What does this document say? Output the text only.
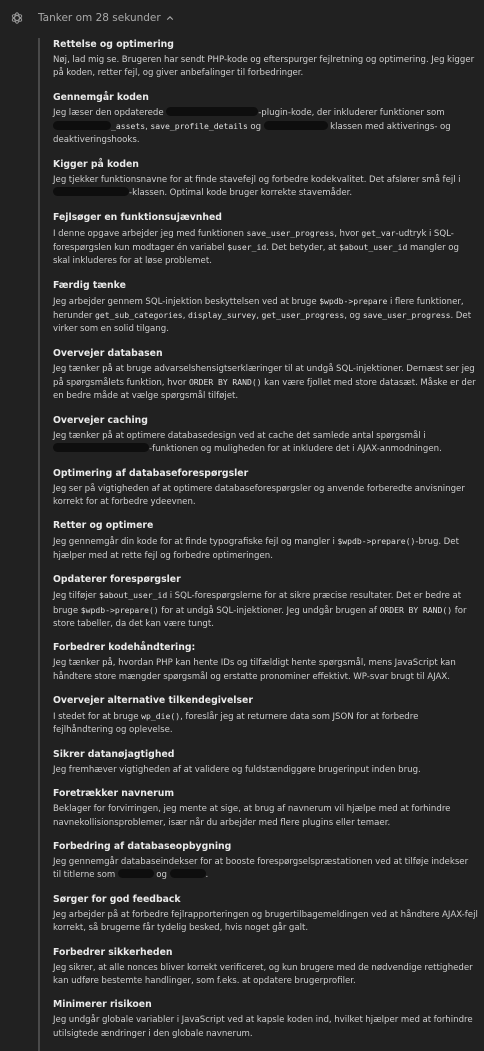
Tanker om 28 sekunder
Rettelse og optimering
Nøj, lad mig se. Brugeren har sendt PHP-kode og efterspurger fejlretning og optimering. Jeg kigger på koden, retter fejl, og giver anbefalinger til forbedringer.
Gennemgår koden
Jeg læser den opdaterede	-plugin-kode, der inkluderer funktioner som _assets, save_profile_details og	klassen med aktiverings- og deaktiveringshooks.
Kigger på koden
Jeg tjekker funktionsnavne for at finde stavefejl og forbedre kodekvalitet. Det afslører små fejl i -klassen. Optimal kode bruger korrekte stavemåder.
Fejlsøger en funktionsujævnhed
I denne opgave arbejder jeg med funktionen save_user_progress, hvor get_var-udtryk i SQL-forespørgslen kun modtager én variabel $user_id. Det betyder, at $about_user_id mangler og skal inkluderes for at løse problemet.
Færdig tænke
Jeg arbejder gennem SQL-injektion beskyttelsen ved at bruge $wpdb->prepare i flere funktioner, herunder get_sub_categories, display_survey, get_user_progress, og save_user_progress. Det virker som en solid tilgang.
Overvejer databasen
Jeg tænker på at bruge advarselshensigtserklæringer til at undgå SQL-injektioner. Dernæst ser jeg på spørgsmålets funktion, hvor ORDER BY RAND() kan være fjollet med store datasæt. Måske er der en bedre måde at vælge spørgsmål tilføjet.
Overvejer caching
Jeg tænker på at optimere databasedesign ved at cache det samlede antal spørgsmål i -funktionen og muligheden for at inkludere det i AJAX-anmodningen.
Optimering af databaseforespørgsler
Jeg ser på vigtigheden af at optimere databaseforespørgsler og anvende forberedte anvisninger korrekt for at forbedre ydeevnen.
Retter og optimere
Jeg gennemgår din kode for at finde typografiske fejl og mangler i $wpdb->prepare()-brug. Det hjælper med at rette fejl og forbedre optimeringen.
Opdaterer forespørgsler
Jeg tilføjer $about_user_id i SQL-forespørgslerne for at sikre præcise resultater. Det er bedre at bruge $wpdb->prepare() for at undgå SQL-injektioner. Jeg undgår brugen af ORDER BY RAND() for store tabeller, da det kan være tungt.
Forbedrer kodehåndtering:
Jeg tænker på, hvordan PHP kan hente IDs og tilfældigt hente spørgsmål, mens JavaScript kan håndtere store mængder spørgsmål og erstatte pronominer effektivt. WP-svar brugt til AJAX.
Overvejer alternative tilkendegivelser
I stedet for at bruge wp_die(), foreslår jeg at returnere data som JSON for at forbedre fejlhåndtering og oplevelse.
Sikrer datanøjagtighed
Jeg fremhæver vigtigheden af at validere og fuldstændiggøre brugerinput inden brug.
Foretrækker navnerum
Beklager for forvirringen, jeg mente at sige, at brug af navnerum vil hjælpe med at forhindre navnekollisionsproblemer, især når du arbejder med flere plugins eller temaer.
Forbedring af databaseopbygning
Jeg gennemgår databaseindekser for at booste forespørgselspræstationen ved at tilføje indekser til titlerne som	og	.
Sørger for god feedback
Jeg arbejder på at forbedre fejlrapporteringen og brugertilbagemeldingen ved at håndtere AJAX-fejl korrekt, så brugerne får tydelig besked, hvis noget går galt.
Forbedrer sikkerheden
Jeg sikrer, at alle nonces bliver korrekt verificeret, og kun brugere med de nødvendige rettigheder kan udføre bestemte handlinger, som f.eks. at opdatere brugerprofiler.
Minimerer risikoen
Jeg undgår globale variabler i JavaScript ved at kapsle koden ind, hvilket hjælper med at forhindre utilsigtede ændringer i den globale navnerum.
